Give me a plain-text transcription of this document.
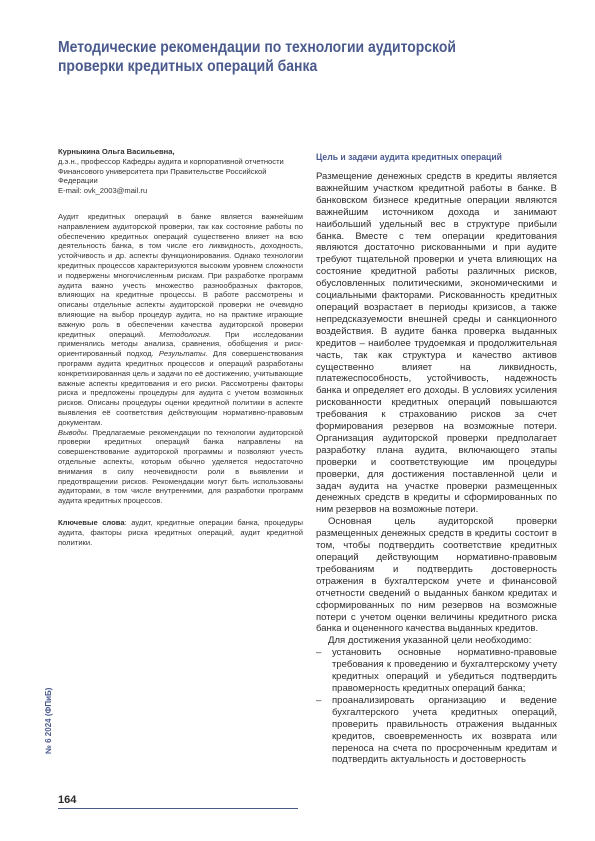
Методические рекомендации по технологии аудиторской проверки кредитных операций банка
Курныкина Ольга Васильевна,
д.э.н., профессор Кафедры аудита и корпоративной отчетности Финансового университета при Правительстве Российской Федерации
E-mail: ovk_2003@mail.ru

Аудит кредитных операций в банке является важнейшим направлением аудиторской проверки, так как состояние работы по обеспечению кредитных операций существенно влияет на всю деятельность банка, в том числе его ликвидность, доходность, устойчивость и др. аспекты функционирования. Однако технологии кредитных процессов характеризуются высоким уровнем сложности и подвержены многочисленным рискам. При разработке программ аудита важно учесть множество разнообразных факторов, влияющих на кредитные процессы. В работе рассмотрены и описаны отдельные аспекты аудиторской проверки не очевидно влияющие на выбор процедур аудита, но на практике играющие важную роль в обеспечении качества аудиторской проверки кредитных операций. Методология. При исследовании применялись методы анализа, сравнения, обобщения и риск-ориентированный подход. Результаты. Для совершенствования программ аудита кредитных процессов и операций разработаны конкретизированная цель и задачи по её достижению, учитывающие важные аспекты кредитования и его риски. Рассмотрены факторы риска и предложены процедуры для аудита с учетом возможных рисков. Описаны процедуры оценки кредитной политики в аспекте выявления её соответствия действующим нормативно-правовым документам.

Выводы. Предлагаемые рекомендации по технологии аудиторской проверки кредитных операций банка направлены на совершенствование аудиторской программы и позволяют учесть отдельные аспекты, которым обычно уделяется недостаточно внимания в силу неочевидности роли в выявлении и предотвращении рисков. Рекомендации могут быть использованы аудиторами, в том числе внутренними, для разработки программ аудита кредитных процессов.

Ключевые слова: аудит, кредитные операции банка, процедуры аудита, факторы риска кредитных операций, аудит кредитной политики.
Цель и задачи аудита кредитных операций

Размещение денежных средств в кредиты является важнейшим участком кредитной работы в банке. В банковском бизнесе кредитные операции являются важнейшим источником дохода и занимают наибольший удельный вес в структуре прибыли банка. Вместе с тем операции кредитования являются достаточно рискованными и при аудите требуют тщательной проверки и учета влияющих на состояние кредитной работы различных рисков, обусловленных политическими, экономическими и социальными факторами. Рискованность кредитных операций возрастает в периоды кризисов, а также непредсказуемости внешней среды и санкционного воздействия. В аудите банка проверка выданных кредитов – наиболее трудоемкая и продолжительная часть, так как структура и качество активов существенно влияет на ликвидность, платежеспособность, устойчивость, надежность банка и определяет его доходы. В условиях усиления рискованности кредитных операций повышаются требования к страхованию рисков за счет формирования резервов на возможные потери. Организация аудиторской проверки предполагает разработку плана аудита, включающего этапы проверки и соответствующие им процедуры проверки, для достижения поставленной цели и задач аудита на участке проверки размещенных денежных средств в кредиты и сформированных по ним резервов на возможные потери.

Основная цель аудиторской проверки размещенных денежных средств в кредиты состоит в том, чтобы подтвердить соответствие кредитных операций действующим нормативно-правовым требованиям и подтвердить достоверность отражения в бухгалтерском учете и финансовой отчетности сведений о выданных банком кредитах и сформированных по ним резервов на возможные потери с учетом оценки величины кредитного риска банка и оцененного качества выданных кредитов.

Для достижения указанной цели необходимо:

– установить основные нормативно-правовые требования к проведению и бухгалтерскому учету кредитных операций и убедиться подтвердить правомерность кредитных операций банка;
– проанализировать организацию и ведение бухгалтерского учета кредитных операций, проверить правильность отражения выданных кредитов, своевременность их возврата или переноса на счета по просроченным кредитам и подтвердить актуальность и достоверность
№ 6 2024 (ФПиБ)
164
